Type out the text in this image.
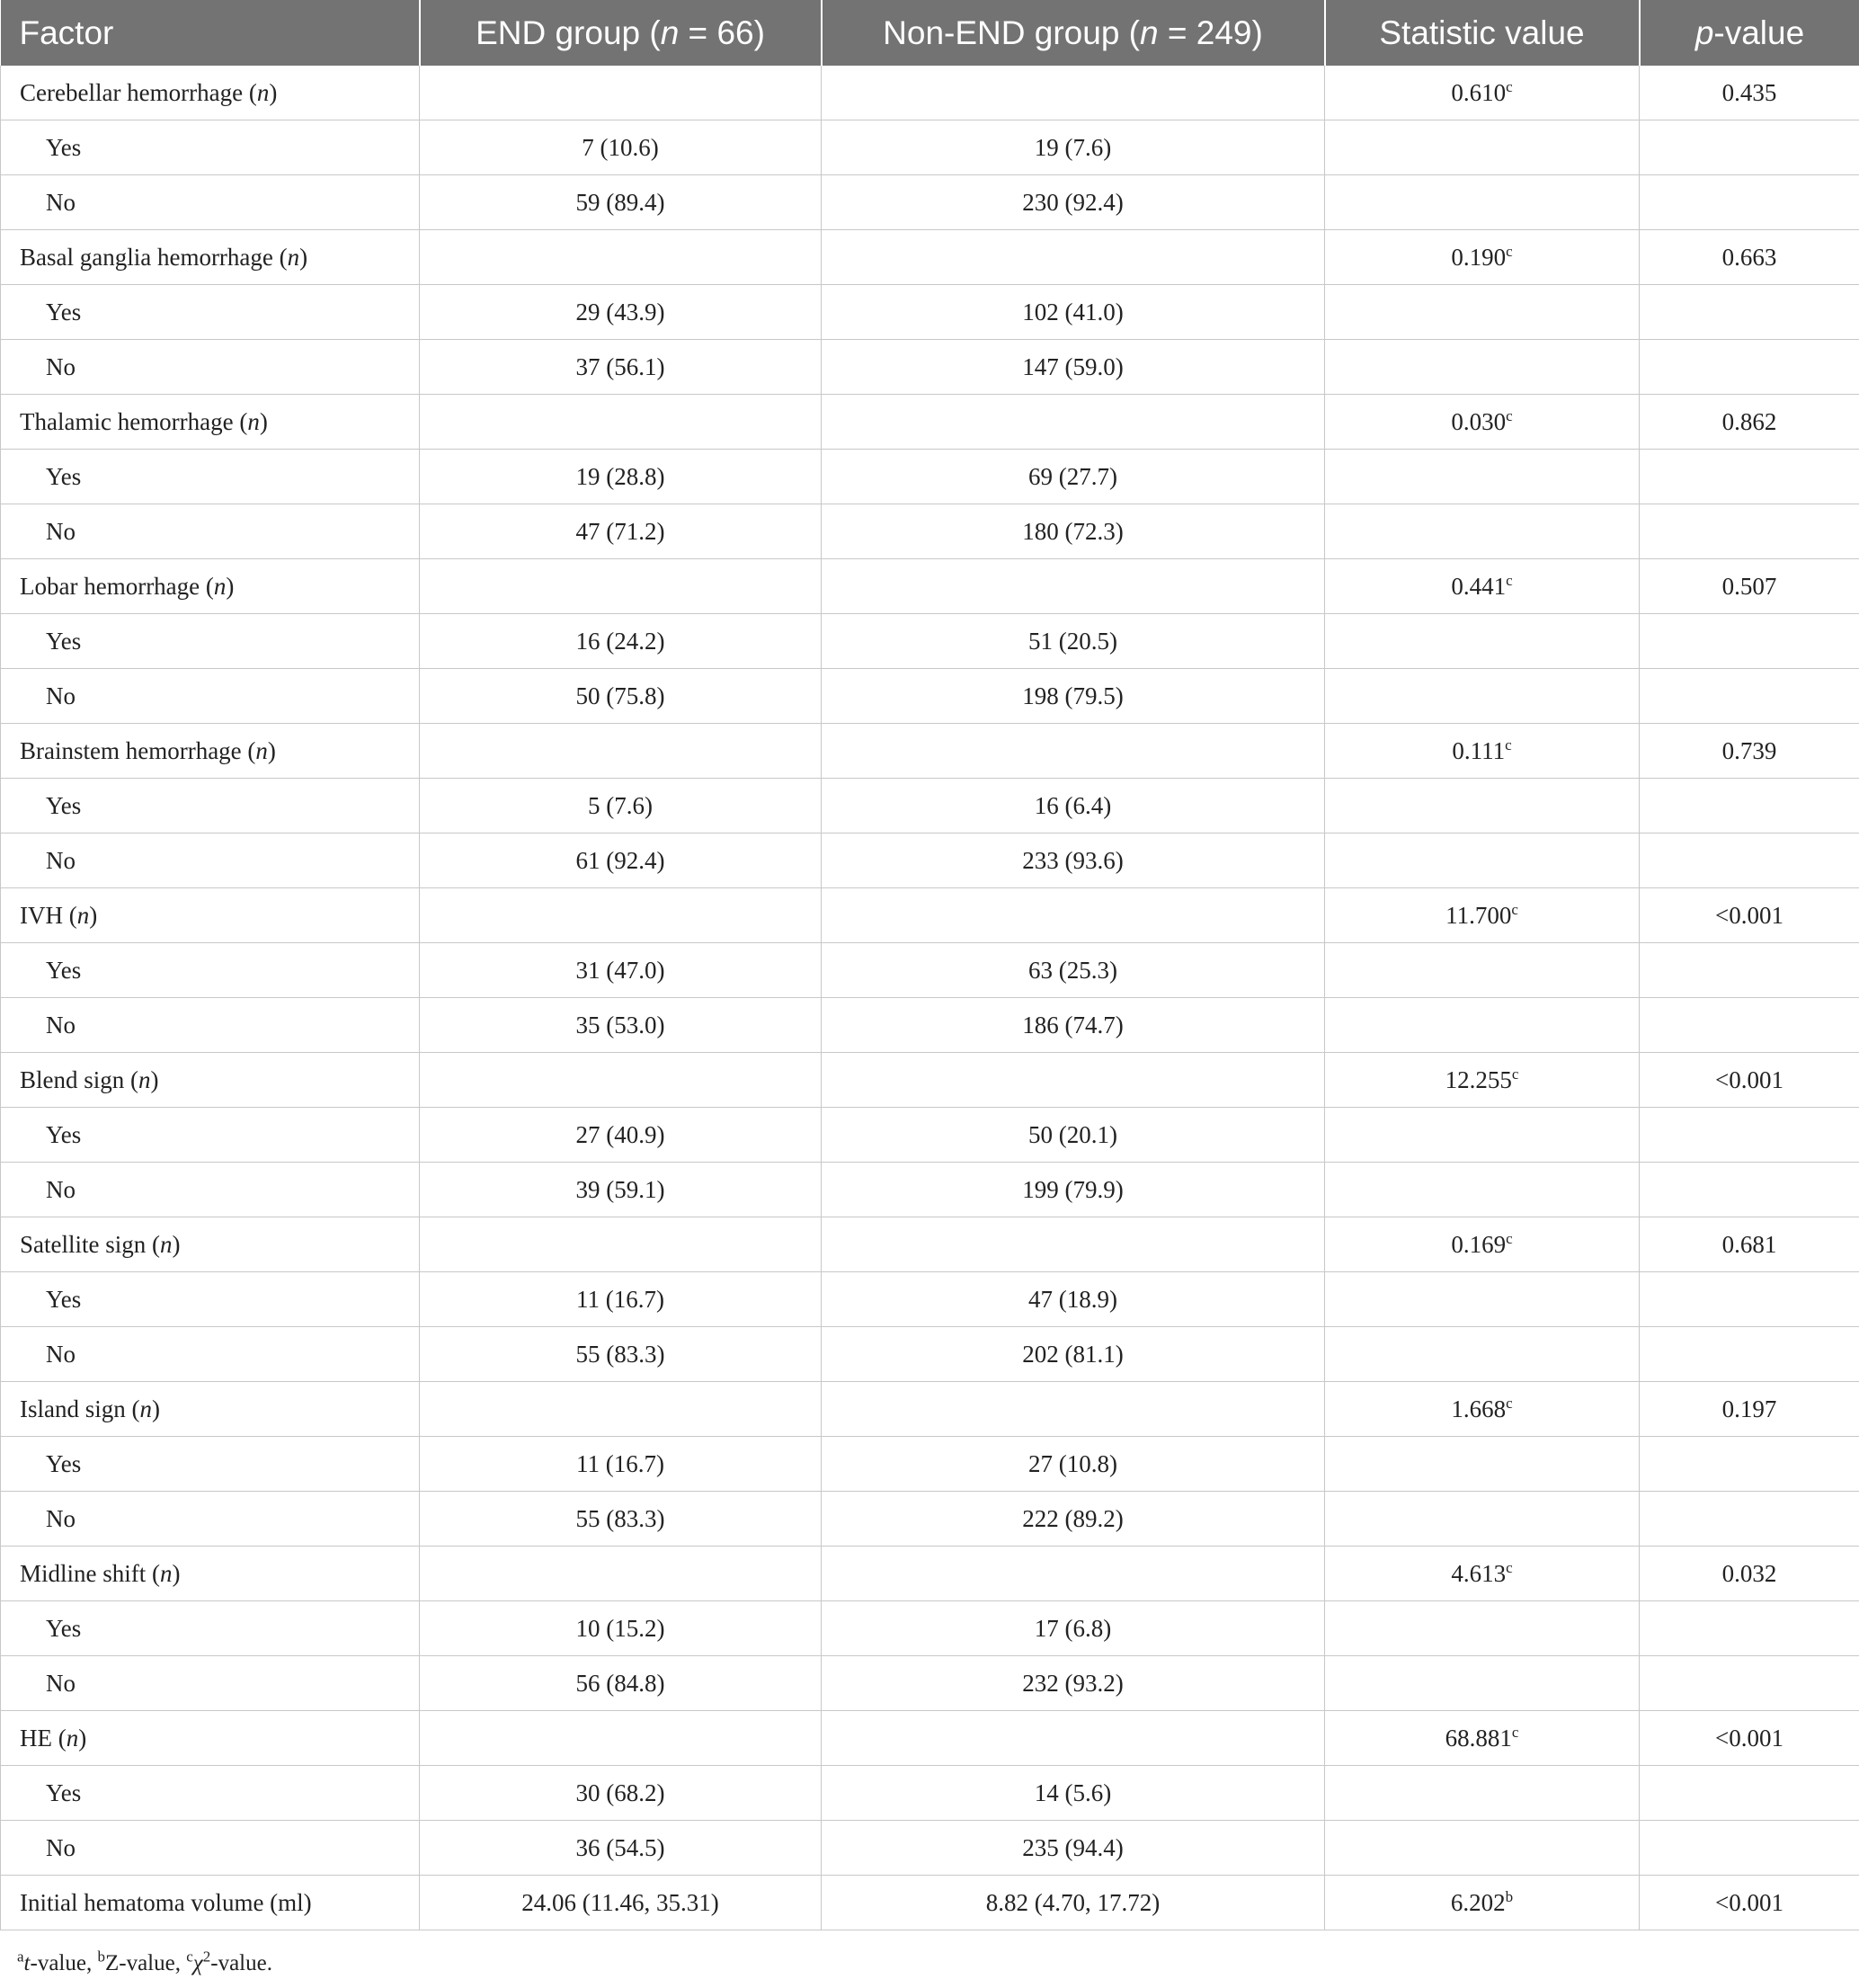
Factor	END group (n = 66)	Non-END group (n = 249)	Statistic value	p-value
Cerebellar hemorrhage (n)			0.610$^c$	0.435
Yes	7 (10.6)	19 (7.6)		
No	59 (89.4)	230 (92.4)		
Basal ganglia hemorrhage (n)			0.190$^c$	0.663
Yes	29 (43.9)	102 (41.0)		
No	37 (56.1)	147 (59.0)		
Thalamic hemorrhage (n)			0.030$^c$	0.862
Yes	19 (28.8)	69 (27.7)		
No	47 (71.2)	180 (72.3)		
Lobar hemorrhage (n)			0.441$^c$	0.507
Yes	16 (24.2)	51 (20.5)		
No	50 (75.8)	198 (79.5)		
Brainstem hemorrhage (n)			0.111$^c$	0.739
Yes	5 (7.6)	16 (6.4)		
No	61 (92.4)	233 (93.6)		
IVH (n)			11.700$^c$	<0.001
Yes	31 (47.0)	63 (25.3)		
No	35 (53.0)	186 (74.7)		
Blend sign (n)			12.255$^c$	<0.001
Yes	27 (40.9)	50 (20.1)		
No	39 (59.1)	199 (79.9)		
Satellite sign (n)			0.169$^c$	0.681
Yes	11 (16.7)	47 (18.9)		
No	55 (83.3)	202 (81.1)		
Island sign (n)			1.668$^c$	0.197
Yes	11 (16.7)	27 (10.8)		
No	55 (83.3)	222 (89.2)		
Midline shift (n)			4.613$^c$	0.032
Yes	10 (15.2)	17 (6.8)		
No	56 (84.8)	232 (93.2)		
HE (n)			68.881$^c$	<0.001
Yes	30 (68.2)	14 (5.6)		
No	36 (54.5)	235 (94.4)		
Initial hematoma volume (ml)	24.06 (11.46, 35.31)	8.82 (4.70, 17.72)	6.202$^b$	<0.001
$^a$t-value, $^b$Z-value, $^c\chi^2$-value.
